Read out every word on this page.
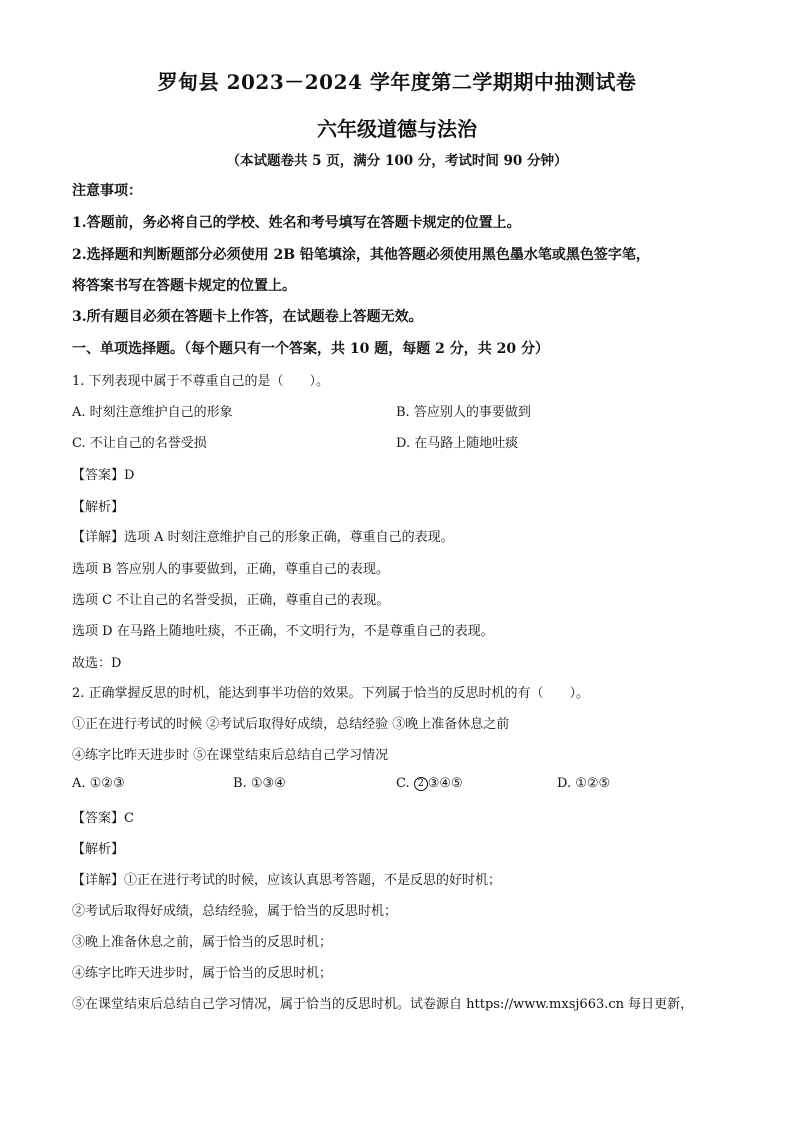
罗甸县 2023－2024 学年度第二学期期中抽测试卷
六年级道德与法治
（本试题卷共 5 页，满分 100 分，考试时间 90 分钟）
注意事项：
1.答题前，务必将自己的学校、姓名和考号填写在答题卡规定的位置上。
2.选择题和判断题部分必须使用 2B 铅笔填涂，其他答题必须使用黑色墨水笔或黑色签字笔，
将答案书写在答题卡规定的位置上。
3.所有题目必须在答题卡上作答，在试题卷上答题无效。
一、单项选择题。（每个题只有一个答案，共 10 题，每题 2 分，共 20 分）
1. 下列表现中属于不尊重自己的是（　　）。
A. 时刻注意维护自己的形象	B. 答应别人的事要做到
C. 不让自己的名誉受损	D. 在马路上随地吐痰
【答案】D
【解析】
【详解】选项 A 时刻注意维护自己的形象正确，尊重自己的表现。
选项 B 答应别人的事要做到，正确，尊重自己的表现。
选项 C 不让自己的名誉受损，正确，尊重自己的表现。
选项 D 在马路上随地吐痰，不正确，不文明行为，不是尊重自己的表现。
故选：D
2. 正确掌握反思的时机，能达到事半功倍的效果。下列属于恰当的反思时机的有（　　）。
①正在进行考试的时候 ②考试后取得好成绩，总结经验 ③晚上准备休息之前
④练字比昨天进步时 ⑤在课堂结束后总结自己学习情况
A. ①②③	B. ①③④	C. 2 ③④⑤	D. ①②⑤
【答案】C
【解析】
【详解】①正在进行考试的时候，应该认真思考答题，不是反思的好时机；
②考试后取得好成绩，总结经验，属于恰当的反思时机；
③晚上准备休息之前，属于恰当的反思时机；
④练字比昨天进步时，属于恰当的反思时机；
⑤在课堂结束后总结自己学习情况，属于恰当的反思时机。试卷源自 https://www.mxsj663.cn 每日更新，
